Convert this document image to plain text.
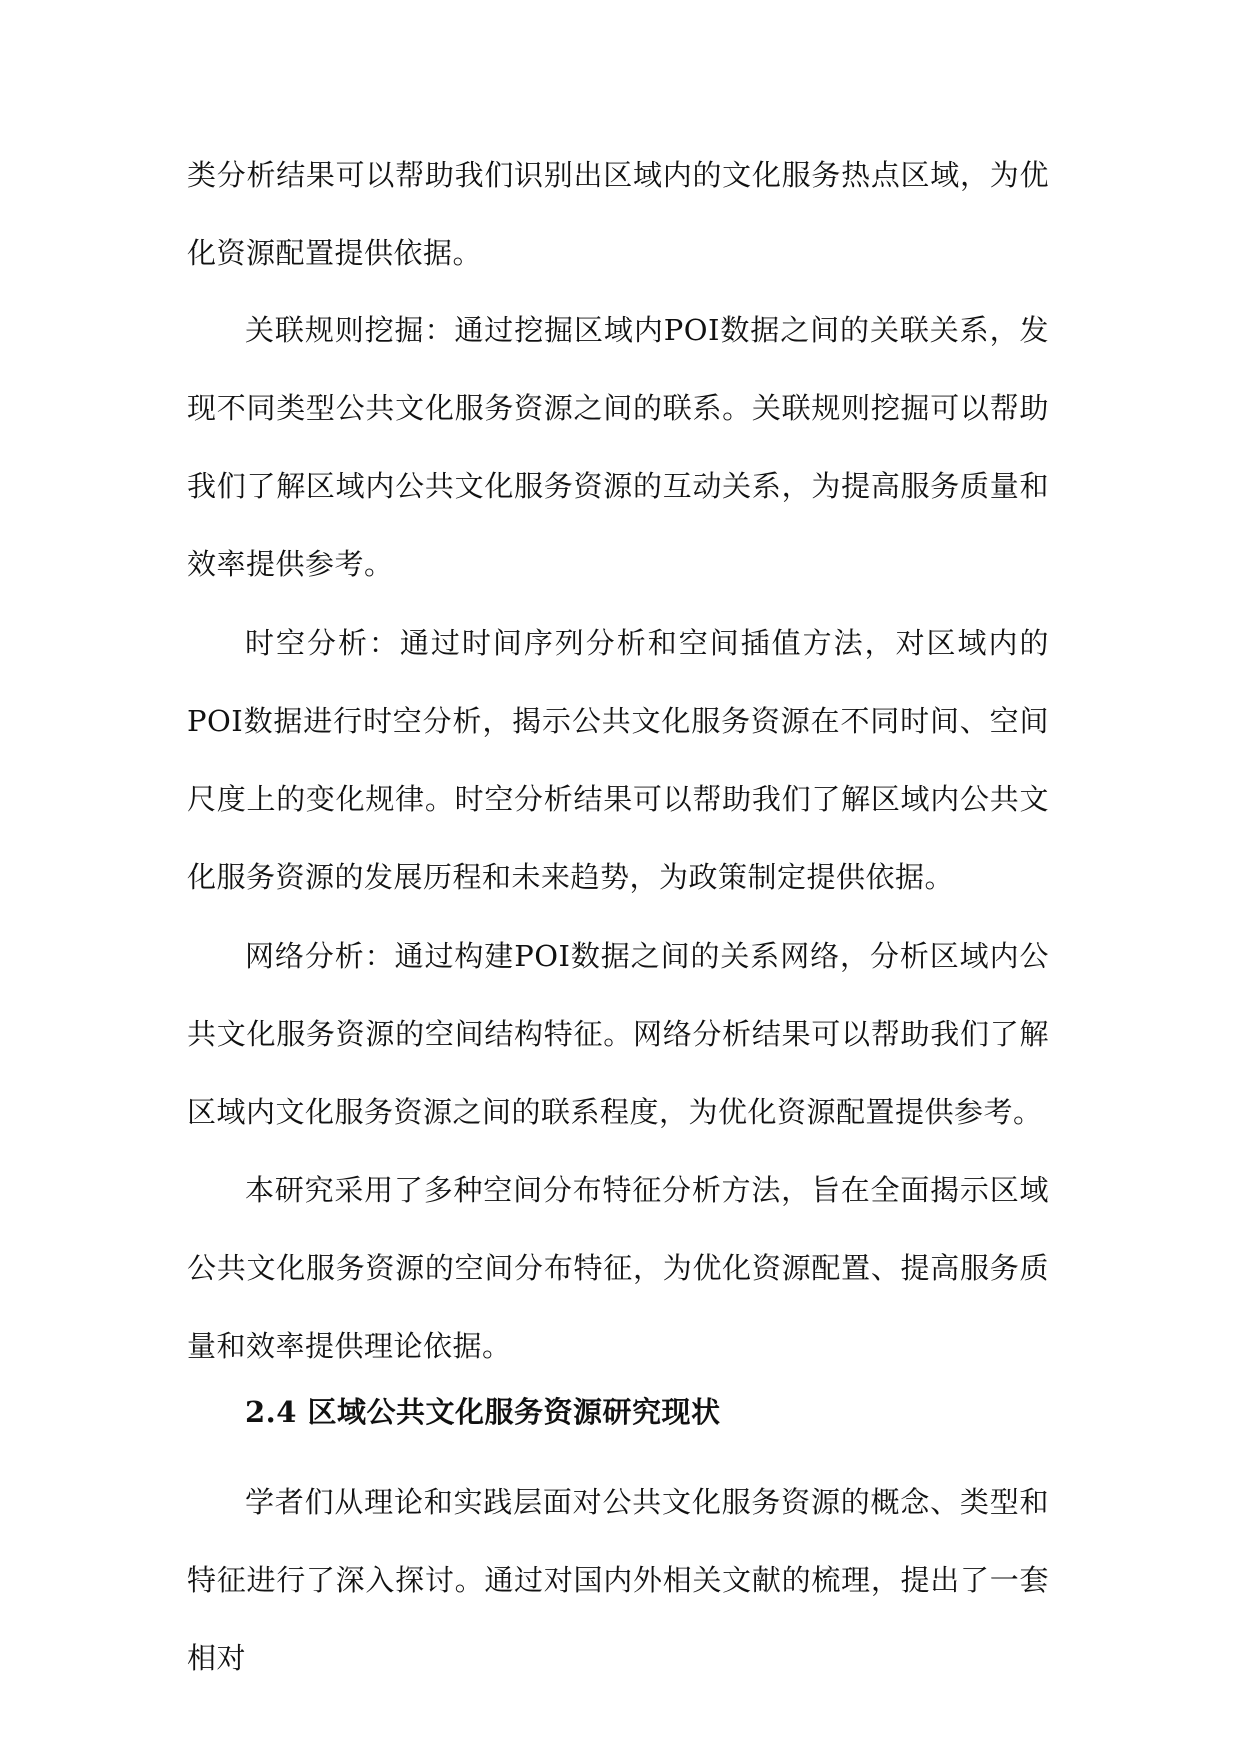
类分析结果可以帮助我们识别出区域内的文化服务热点区域，为优化资源配置提供依据。

关联规则挖掘：通过挖掘区域内POI数据之间的关联关系，发现不同类型公共文化服务资源之间的联系。关联规则挖掘可以帮助我们了解区域内公共文化服务资源的互动关系，为提高服务质量和效率提供参考。

时空分析：通过时间序列分析和空间插值方法，对区域内的POI数据进行时空分析，揭示公共文化服务资源在不同时间、空间尺度上的变化规律。时空分析结果可以帮助我们了解区域内公共文化服务资源的发展历程和未来趋势，为政策制定提供依据。

网络分析：通过构建POI数据之间的关系网络，分析区域内公共文化服务资源的空间结构特征。网络分析结果可以帮助我们了解区域内文化服务资源之间的联系程度，为优化资源配置提供参考。

本研究采用了多种空间分布特征分析方法，旨在全面揭示区域公共文化服务资源的空间分布特征，为优化资源配置、提高服务质量和效率提供理论依据。

2.4 区域公共文化服务资源研究现状

学者们从理论和实践层面对公共文化服务资源的概念、类型和特征进行了深入探讨。通过对国内外相关文献的梳理，提出了一套相对
